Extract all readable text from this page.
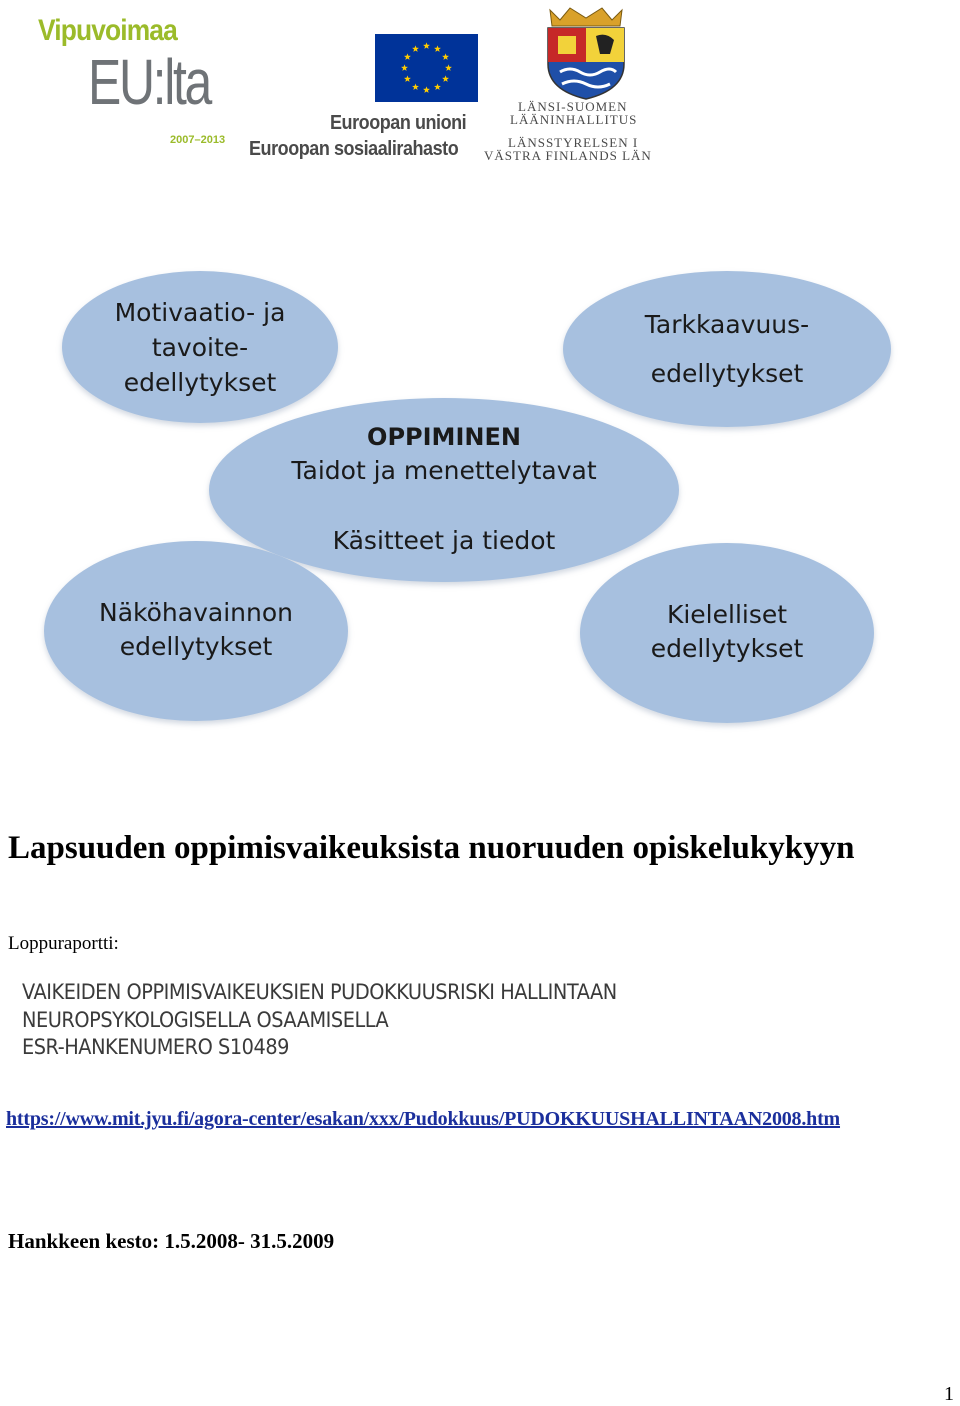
Vipuvoimaa
EU:lta
2007–2013
Euroopan unioni
Euroopan sosiaalirahasto
LÄNSI-SUOMEN
LÄÄNINHALLITUS
LÄNSSTYRELSEN I
VÄSTRA FINLANDS LÄN
Motivaatio- ja
tavoite-
edellytykset
Tarkkaavuus-
edellytykset
OPPIMINEN
Taidot ja menettelytavat
Käsitteet ja tiedot
Näköhavainnon
edellytykset
Kielelliset
edellytykset
Lapsuuden oppimisvaikeuksista nuoruuden opiskelukykyyn
Loppuraportti:
VAIKEIDEN OPPIMISVAIKEUKSIEN PUDOKKUUSRISKI HALLINTAAN
NEUROPSYKOLOGISELLA OSAAMISELLA
ESR-HANKENUMERO S10489
https://www.mit.jyu.fi/agora-center/esakan/xxx/Pudokkuus/PUDOKKUUSHALLINTAAN2008.htm
Hankkeen kesto: 1.5.2008- 31.5.2009
1
